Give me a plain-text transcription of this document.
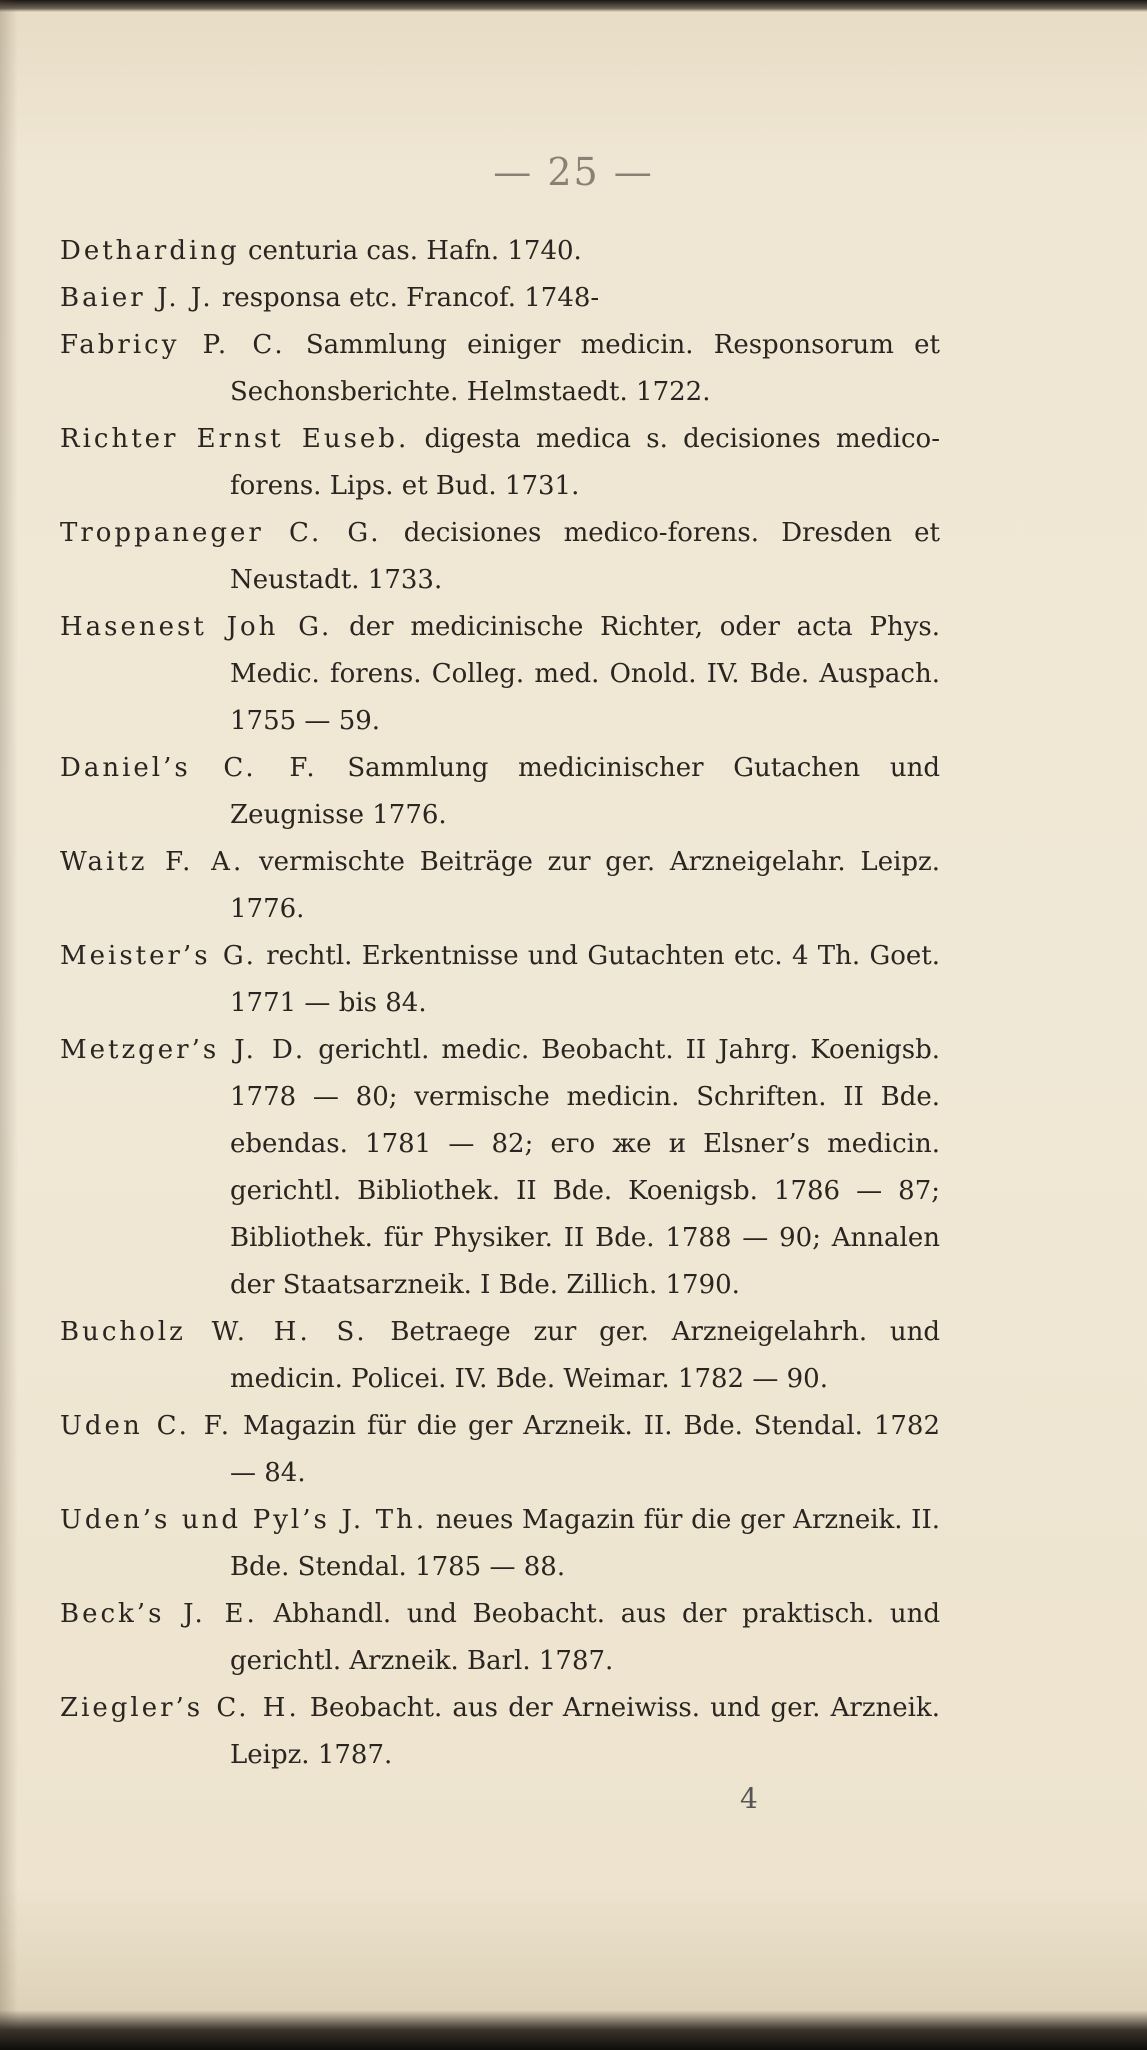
— 25 —

Detharding centuria cas. Hafn. 1740.

Baier J. J. responsa etc. Francof. 1748-

Fabricy P. C. Sammlung einiger medicin. Responsorum et Sechonsberichte. Helmstaedt. 1722.

Richter Ernst Euseb. digesta medica s. decisiones medico-forens. Lips. et Bud. 1731.

Troppaneger C. G. decisiones medico-forens. Dresden et Neustadt. 1733.

Hasenest Joh G. der medicinische Richter, oder acta Phys. Medic. forens. Colleg. med. Onold. IV. Bde. Auspach. 1755 — 59.

Daniel’s C. F. Sammlung medicinischer Gutachen und Zeugnisse 1776.

Waitz F. A. vermischte Beiträge zur ger. Arzneigelahr. Leipz. 1776.

Meister’s G. rechtl. Erkentnisse und Gutachten etc. 4 Th. Goet. 1771 — bis 84.

Metzger’s J. D. gerichtl. medic. Beobacht. II Jahrg. Koenigsb. 1778 — 80; vermische medicin. Schriften. II Bde. ebendas. 1781 — 82; его же и Elsner’s medicin. gerichtl. Bibliothek. II Bde. Koenigsb. 1786 — 87; Bibliothek. für Physiker. II Bde. 1788 — 90; Annalen der Staatsarzneik. I Bde. Zillich. 1790.

Bucholz W. H. S. Betraege zur ger. Arzneigelahrh. und medicin. Policei. IV. Bde. Weimar. 1782 — 90.

Uden C. F. Magazin für die ger Arzneik. II. Bde. Stendal. 1782 — 84.

Uden’s und Pyl’s J. Th. neues Magazin für die ger Arzneik. II. Bde. Stendal. 1785 — 88.

Beck’s J. E. Abhandl. und Beobacht. aus der praktisch. und gerichtl. Arzneik. Barl. 1787.

Ziegler’s C. H. Beobacht. aus der Arneiwiss. und ger. Arzneik. Leipz. 1787.

4
